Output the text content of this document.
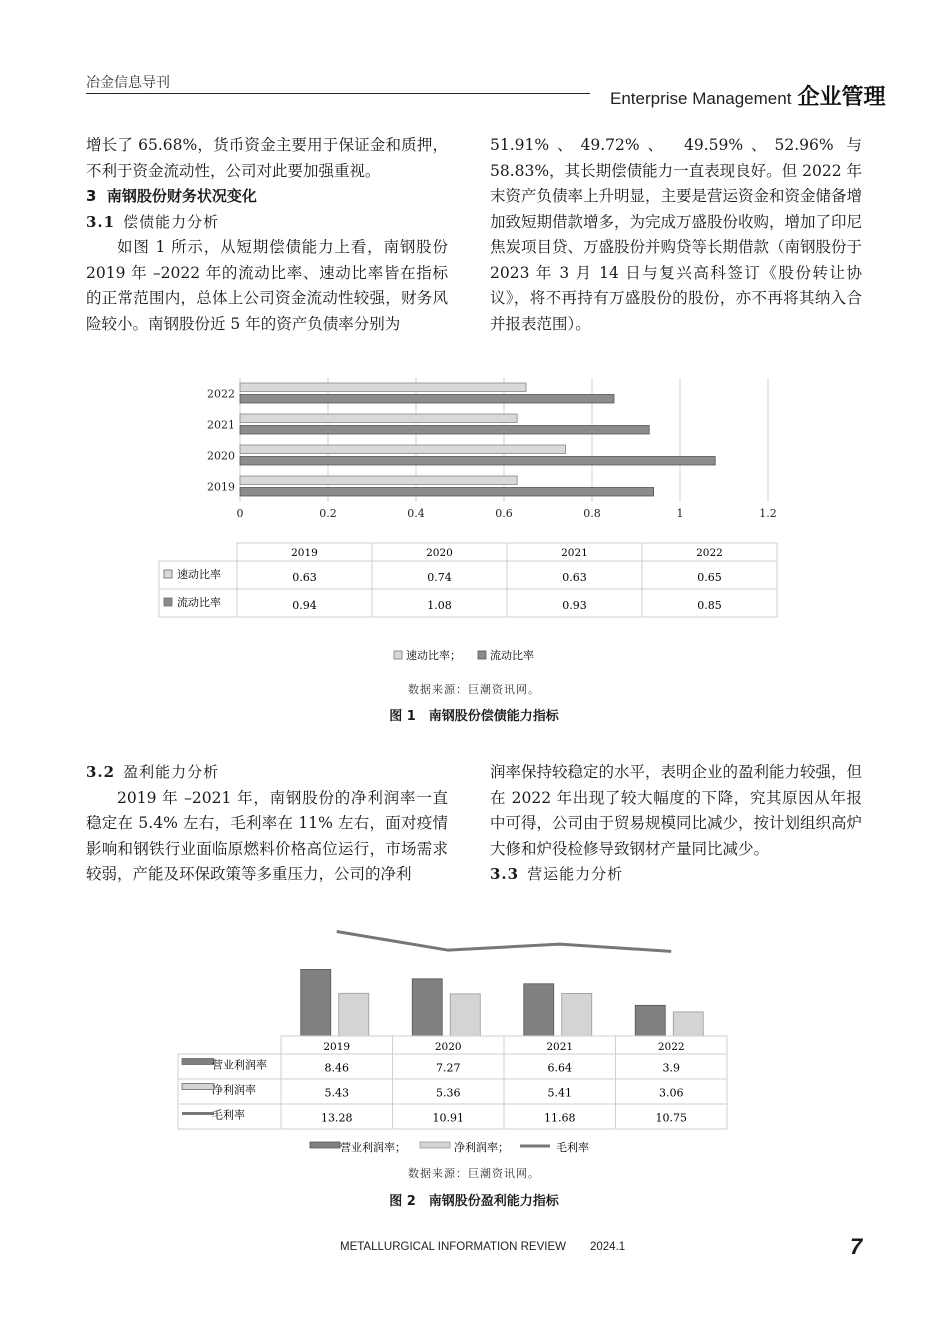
冶金信息导刊
Enterprise Management 企业管理

增长了 65.68%，货币资金主要用于保证金和质押，不利于资金流动性，公司对此要加强重视。

3 南钢股份财务状况变化

3.1 偿债能力分析

如图 1 所示，从短期偿债能力上看，南钢股份 2019 年 –2022 年的流动比率、速动比率皆在指标的正常范围内，总体上公司资金流动性较强，财务风险较小。南钢股份近 5 年的资产负债率分别为

51.91%、49.72%、 49.59%、52.96% 与 58.83%，其长期偿债能力一直表现良好。但 2022 年末资产负债率上升明显，主要是营运资金和资金储备增加致短期借款增多，为完成万盛股份收购，增加了印尼焦炭项目贷、万盛股份并购贷等长期借款（南钢股份于 2023 年 3 月 14 日与复兴高科签订《股份转让协议》，将不再持有万盛股份的股份，亦不再将其纳入合并报表范围）。

0	0.2	0.4	0.6	0.8	1	1.2
2019
2020
2021
2022
2019	2020	2021	2022
速动比率	0.63	0.74	0.63	0.65
流动比率	0.94	1.08	0.93	0.85
速动比率；	流动比率
数据来源：巨潮资讯网。
图 1　南钢股份偿债能力指标

3.2 盈利能力分析

2019 年 –2021 年，南钢股份的净利润率一直稳定在 5.4% 左右，毛利率在 11% 左右，面对疫情影响和钢铁行业面临原燃料价格高位运行，市场需求较弱，产能及环保政策等多重压力，公司的净利

润率保持较稳定的水平，表明企业的盈利能力较强，但在 2022 年出现了较大幅度的下降，究其原因从年报中可得，公司由于贸易规模同比减少，按计划组织高炉大修和炉役检修导致钢材产量同比减少。

3.3 营运能力分析

2019	2020	2021	2022
营业利润率	8.46	7.27	6.64	3.9
净利润率	5.43	5.36	5.41	3.06
毛利率	13.28	10.91	11.68	10.75
营业利润率；	净利润率；	毛利率
数据来源：巨潮资讯网。
图 2　南钢股份盈利能力指标
METALLURGICAL INFORMATION REVIEW 2024.1	7
